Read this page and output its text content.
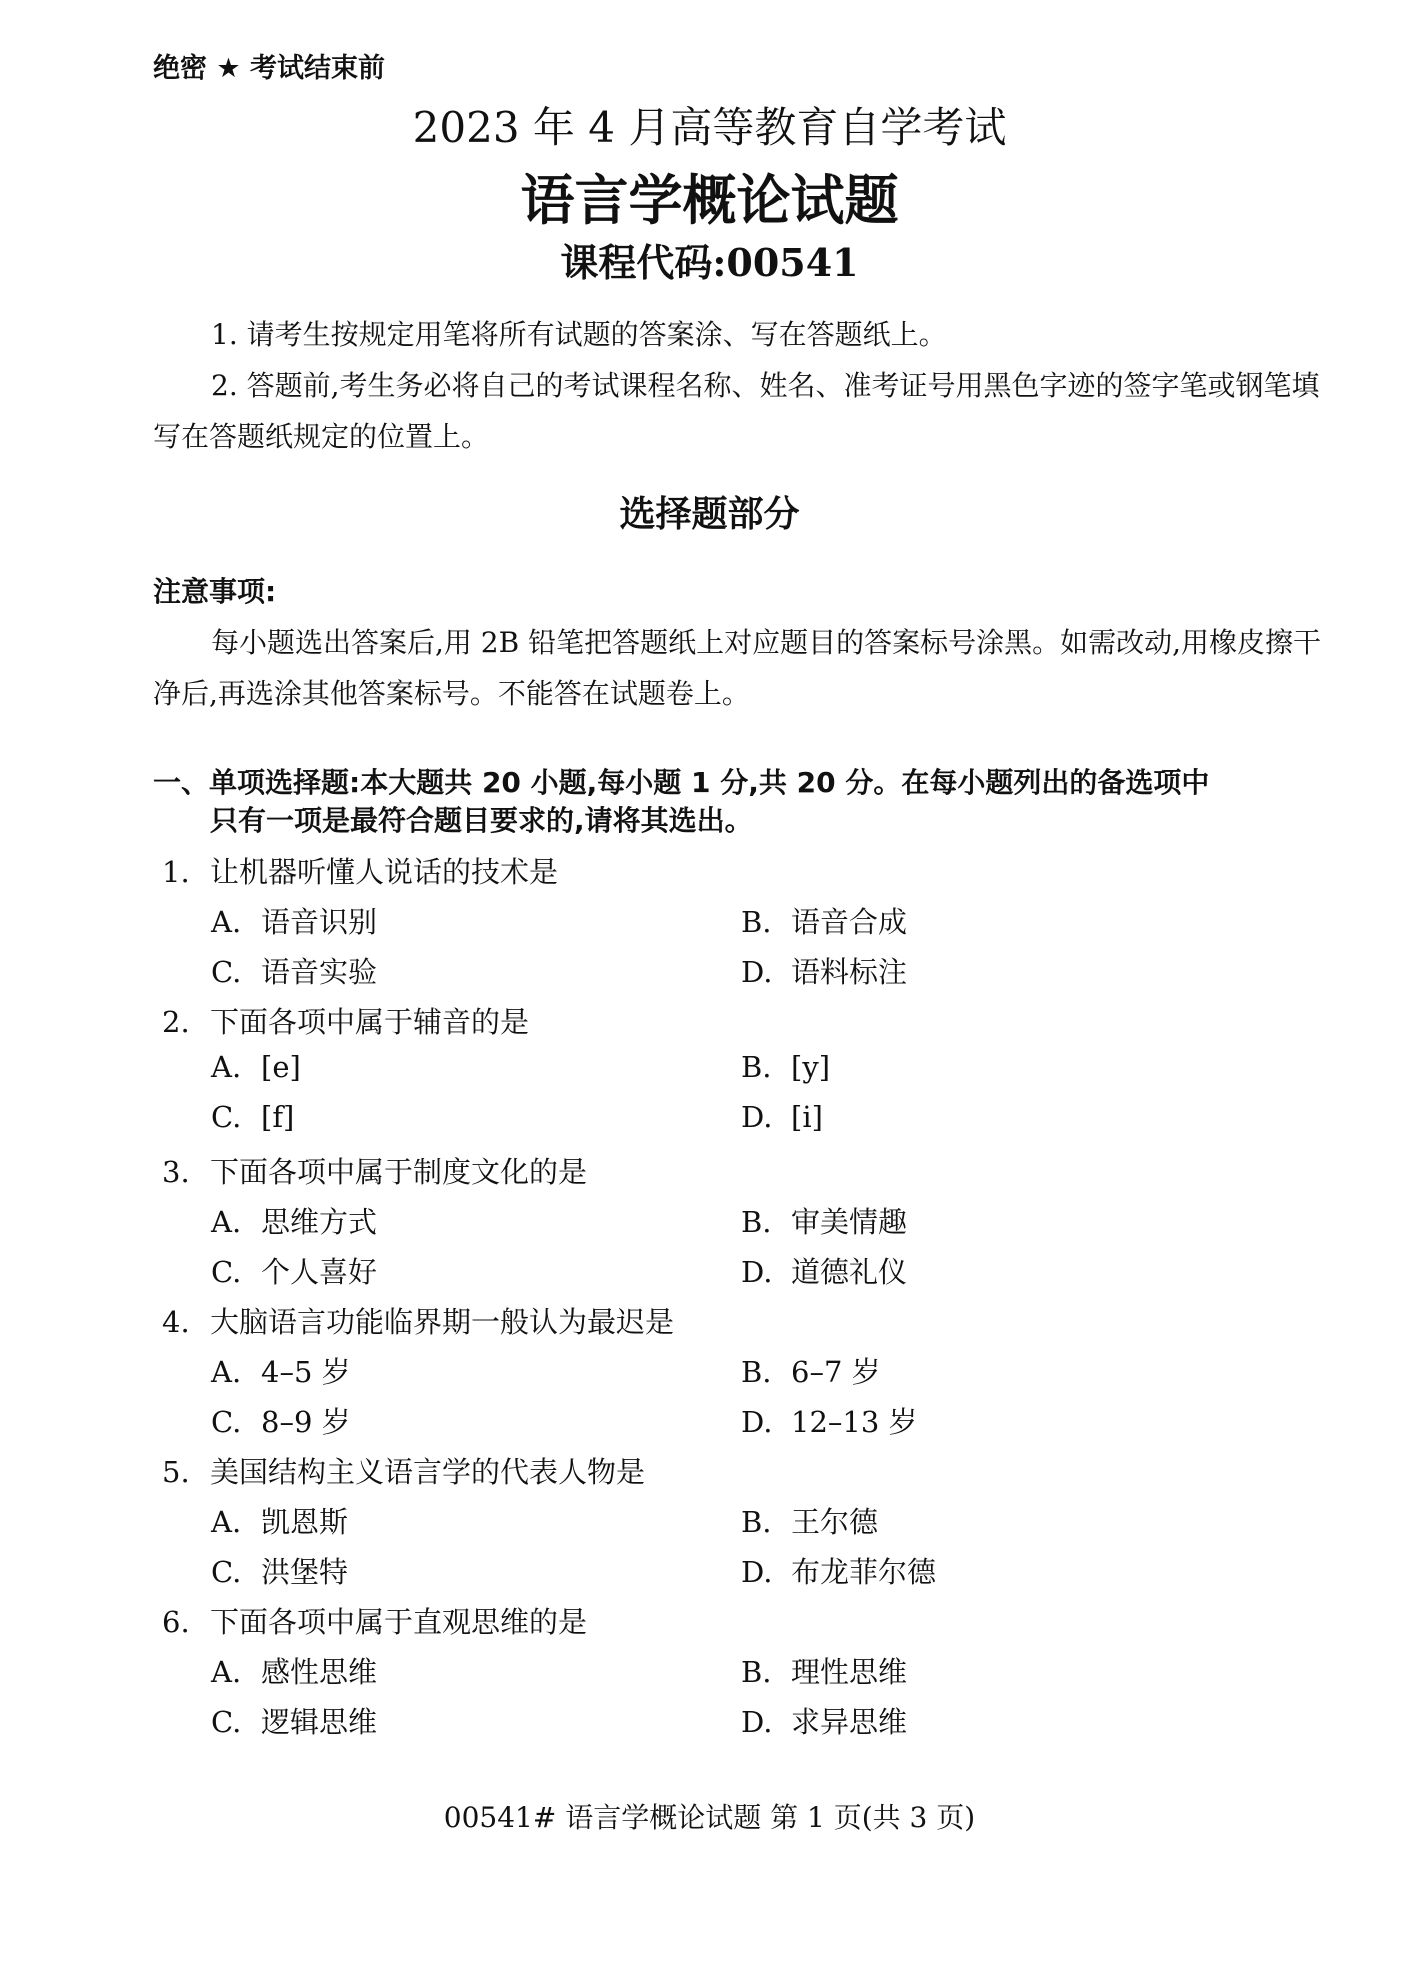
绝密 ★ 考试结束前
2023 年 4 月高等教育自学考试
语言学概论试题
课程代码:00541
1. 请考生按规定用笔将所有试题的答案涂、写在答题纸上。
2. 答题前,考生务必将自己的考试课程名称、姓名、准考证号用黑色字迹的签字笔或钢笔填写在答题纸规定的位置上。
选择题部分
注意事项:
每小题选出答案后,用 2B 铅笔把答题纸上对应题目的答案标号涂黑。如需改动,用橡皮擦干净后,再选涂其他答案标号。不能答在试题卷上。
一、单项选择题:本大题共 20 小题,每小题 1 分,共 20 分。在每小题列出的备选项中
只有一项是最符合题目要求的,请将其选出。
1. 让机器听懂人说话的技术是
A. 语音识别	B. 语音合成
C. 语音实验	D. 语料标注
2. 下面各项中属于辅音的是
A. [e]	B. [y]
C. [f]	D. [i]
3. 下面各项中属于制度文化的是
A. 思维方式	B. 审美情趣
C. 个人喜好	D. 道德礼仪
4. 大脑语言功能临界期一般认为最迟是
A. 4–5 岁	B. 6–7 岁
C. 8–9 岁	D. 12–13 岁
5. 美国结构主义语言学的代表人物是
A. 凯恩斯	B. 王尔德
C. 洪堡特	D. 布龙菲尔德
6. 下面各项中属于直观思维的是
A. 感性思维	B. 理性思维
C. 逻辑思维	D. 求异思维
00541# 语言学概论试题 第 1 页(共 3 页)
